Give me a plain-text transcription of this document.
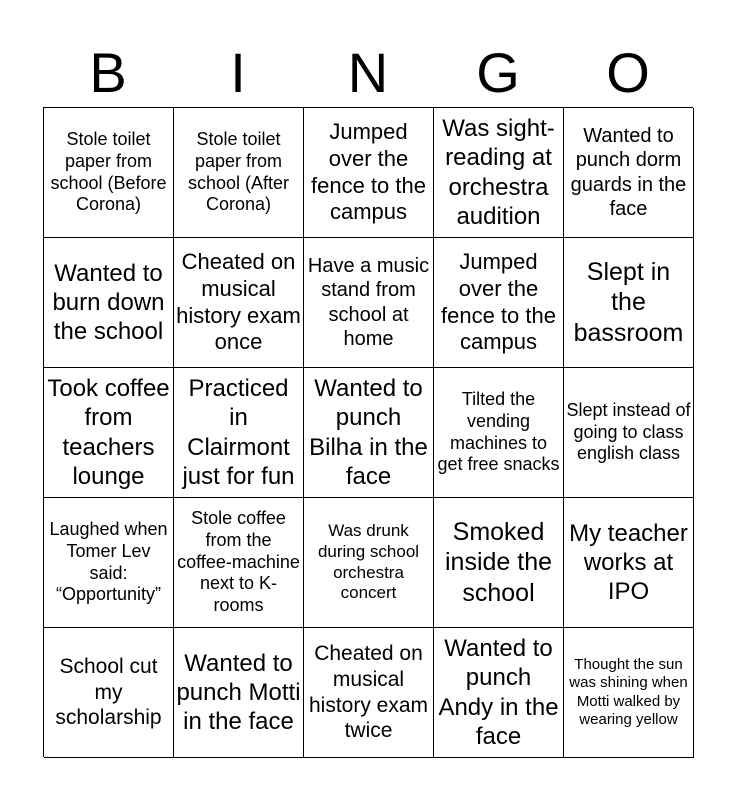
B	I	N	G	O
Stole toilet paper from school (Before Corona)
Stole toilet paper from school (After Corona)
Jumped over the fence to the campus
Was sight-reading at orchestra audition
Wanted to punch dorm guards in the face
Wanted to burn down the school
Cheated on musical history exam once
Have a music stand from school at home
Jumped over the fence to the campus
Slept in the bassroom
Took coffee from teachers lounge
Practiced in Clairmont just for fun
Wanted to punch Bilha in the face
Tilted the vending machines to get free snacks
Slept instead of going to class english class
Laughed when Tomer Lev said: “Opportunity”
Stole coffee from the coffee-machine next to K-rooms
Was drunk during school orchestra concert
Smoked inside the school
My teacher works at IPO
School cut my scholarship
Wanted to punch Motti in the face
Cheated on musical history exam twice
Wanted to punch Andy in the face
Thought the sun was shining when Motti walked by wearing yellow
